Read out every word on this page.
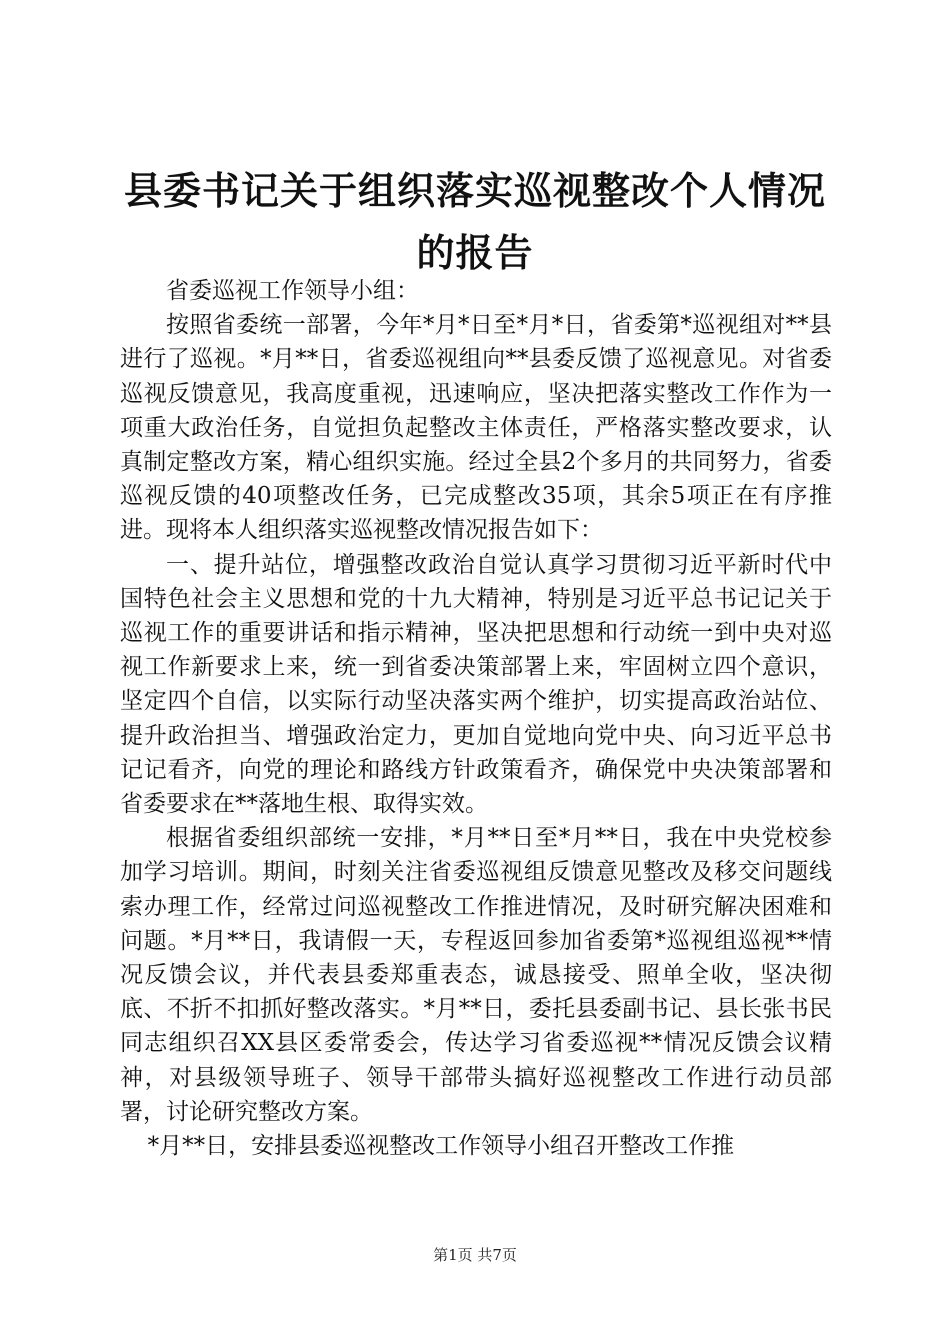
县委书记关于组织落实巡视整改个人情况的报告

省委巡视工作领导小组：

按照省委统一部署，今年*月*日至*月*日，省委第*巡视组对**县进行了巡视。*月**日，省委巡视组向**县委反馈了巡视意见。对省委巡视反馈意见，我高度重视，迅速响应，坚决把落实整改工作作为一项重大政治任务，自觉担负起整改主体责任，严格落实整改要求，认真制定整改方案，精心组织实施。经过全县2个多月的共同努力，省委巡视反馈的40项整改任务，已完成整改35项，其余5项正在有序推进。现将本人组织落实巡视整改情况报告如下：

一、提升站位，增强整改政治自觉认真学习贯彻习近平新时代中国特色社会主义思想和党的十九大精神，特别是习近平总书记记关于巡视工作的重要讲话和指示精神，坚决把思想和行动统一到中央对巡视工作新要求上来，统一到省委决策部署上来，牢固树立四个意识，坚定四个自信，以实际行动坚决落实两个维护，切实提高政治站位、提升政治担当、增强政治定力，更加自觉地向党中央、向习近平总书记记看齐，向党的理论和路线方针政策看齐，确保党中央决策部署和省委要求在**落地生根、取得实效。

根据省委组织部统一安排，*月**日至*月**日，我在中央党校参加学习培训。期间，时刻关注省委巡视组反馈意见整改及移交问题线索办理工作，经常过问巡视整改工作推进情况，及时研究解决困难和问题。*月**日，我请假一天，专程返回参加省委第*巡视组巡视**情况反馈会议，并代表县委郑重表态，诚恳接受、照单全收，坚决彻底、不折不扣抓好整改落实。*月**日，委托县委副书记、县长张书民同志组织召XX县区委常委会，传达学习省委巡视**情况反馈会议精神，对县级领导班子、领导干部带头搞好巡视整改工作进行动员部署，讨论研究整改方案。

*月**日，安排县委巡视整改工作领导小组召开整改工作推

第1页 共7页
